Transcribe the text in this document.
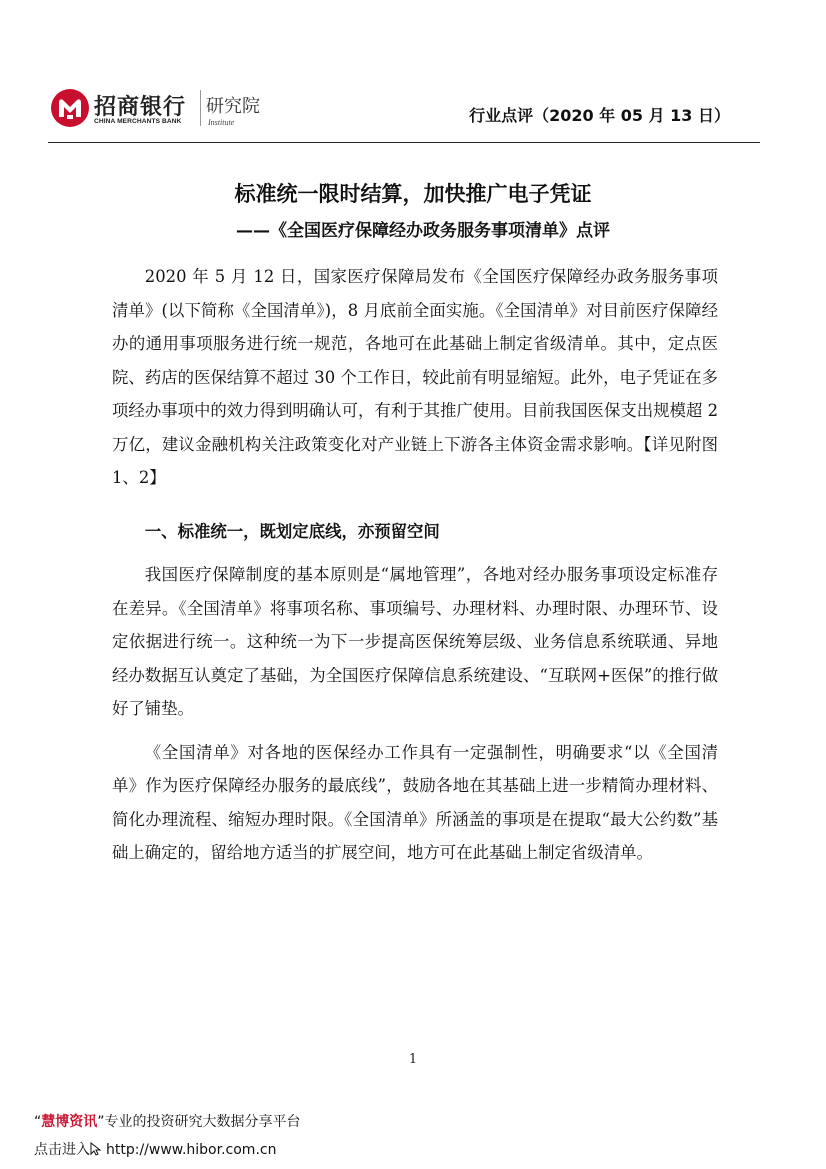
招商银行
CHINA MERCHANTS BANK
研究院
Institute	行业点评（2020 年 05 月 13 日）
标准统一限时结算，加快推广电子凭证
——《全国医疗保障经办政务服务事项清单》点评

2020 年 5 月 12 日，国家医疗保障局发布《全国医疗保障经办政务服务事项清单》(以下简称《全国清单》)，8 月底前全面实施。《全国清单》对目前医疗保障经办的通用事项服务进行统一规范，各地可在此基础上制定省级清单。其中，定点医院、药店的医保结算不超过 30 个工作日，较此前有明显缩短。此外，电子凭证在多项经办事项中的效力得到明确认可，有利于其推广使用。目前我国医保支出规模超 2 万亿，建议金融机构关注政策变化对产业链上下游各主体资金需求影响。【详见附图 1、2】

一、标准统一，既划定底线，亦预留空间

我国医疗保障制度的基本原则是“属地管理”，各地对经办服务事项设定标准存在差异。《全国清单》将事项名称、事项编号、办理材料、办理时限、办理环节、设定依据进行统一。这种统一为下一步提高医保统筹层级、业务信息系统联通、异地经办数据互认奠定了基础，为全国医疗保障信息系统建设、“互联网+医保”的推行做好了铺垫。

《全国清单》对各地的医保经办工作具有一定强制性，明确要求“以《全国清单》作为医疗保障经办服务的最底线”，鼓励各地在其基础上进一步精简办理材料、简化办理流程、缩短办理时限。《全国清单》所涵盖的事项是在提取“最大公约数”基础上确定的，留给地方适当的扩展空间，地方可在此基础上制定省级清单。

1
“慧博资讯”专业的投资研究大数据分享平台
点击进入 http://www.hibor.com.cn
